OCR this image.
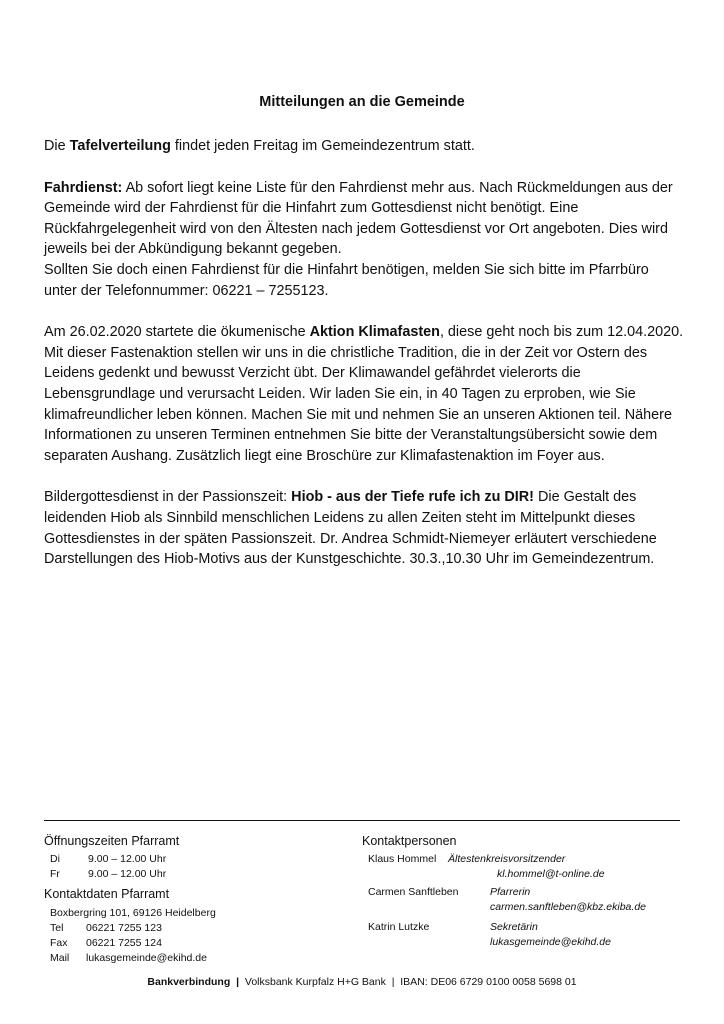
Mitteilungen an die Gemeinde

Die Tafelverteilung findet jeden Freitag im Gemeindezentrum statt.

Fahrdienst: Ab sofort liegt keine Liste für den Fahrdienst mehr aus. Nach Rückmeldungen aus der Gemeinde wird der Fahrdienst für die Hinfahrt zum Gottesdienst nicht benötigt. Eine Rückfahrgelegenheit wird von den Ältesten nach jedem Gottesdienst vor Ort angeboten. Dies wird jeweils bei der Abkündigung bekannt gegeben.
Sollten Sie doch einen Fahrdienst für die Hinfahrt benötigen, melden Sie sich bitte im Pfarrbüro unter der Telefonnummer: 06221 – 7255123.

Am 26.02.2020 startete die ökumenische Aktion Klimafasten, diese geht noch bis zum 12.04.2020. Mit dieser Fastenaktion stellen wir uns in die christliche Tradition, die in der Zeit vor Ostern des Leidens gedenkt und bewusst Verzicht übt. Der Klimawandel gefährdet vielerorts die Lebensgrundlage und verursacht Leiden. Wir laden Sie ein, in 40 Tagen zu erproben, wie Sie klimafreundlicher leben können. Machen Sie mit und nehmen Sie an unseren Aktionen teil. Nähere Informationen zu unseren Terminen entnehmen Sie bitte der Veranstaltungsübersicht sowie dem separaten Aushang. Zusätzlich liegt eine Broschüre zur Klimafastenaktion im Foyer aus.

Bildergottesdienst in der Passionszeit: Hiob - aus der Tiefe rufe ich zu DIR! Die Gestalt des leidenden Hiob als Sinnbild menschlichen Leidens zu allen Zeiten steht im Mittelpunkt dieses Gottesdienstes in der späten Passionszeit. Dr. Andrea Schmidt-Niemeyer erläutert verschiedene Darstellungen des Hiob-Motivs aus der Kunstgeschichte. 30.3.,10.30 Uhr im Gemeindezentrum.

Öffnungszeiten Pfarramt
Di	9.00 – 12.00 Uhr
Fr	9.00 – 12.00 Uhr
Kontaktdaten Pfarramt
Boxbergring 101, 69126 Heidelberg
Tel 06221 7255 123
Fax 06221 7255 124
Mail lukasgemeinde@ekihd.de
Kontaktpersonen
Klaus Hommel Ältestenkreisvorsitzender
kl.hommel@t-online.de
Carmen Sanftleben	Pfarrerin
carmen.sanftleben@kbz.ekiba.de
Katrin Lutzke	Sekretärin
lukasgemeinde@ekihd.de
Bankverbindung | Volksbank Kurpfalz H+G Bank | IBAN: DE06 6729 0100 0058 5698 01
